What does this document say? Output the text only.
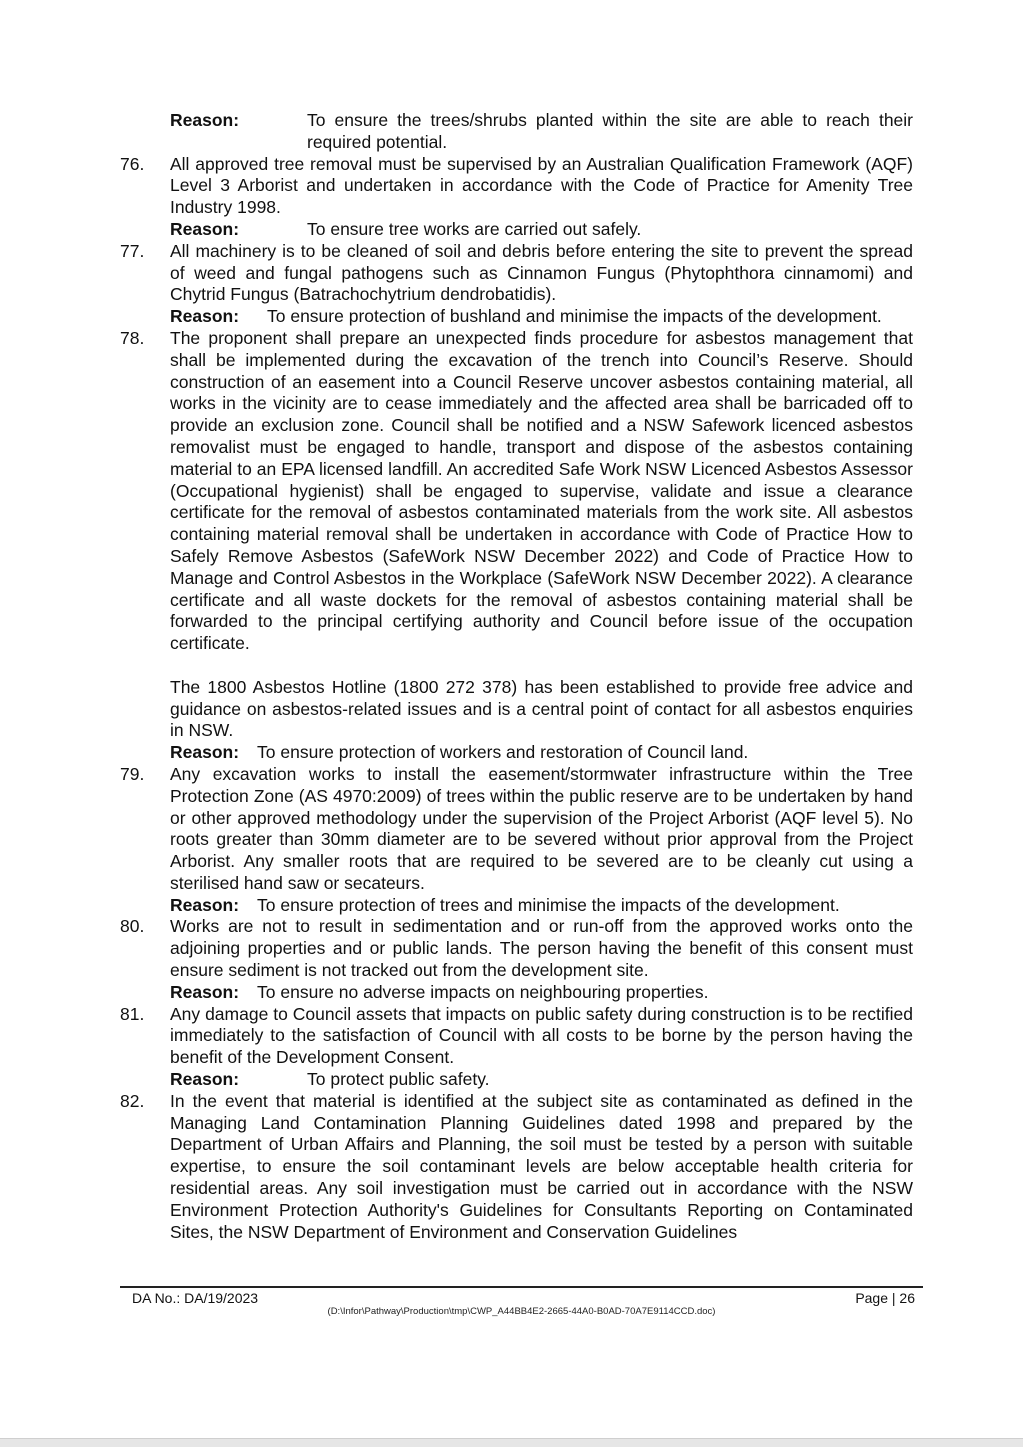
Reason:	To ensure the trees/shrubs planted within the site are able to reach their required potential.
76. All approved tree removal must be supervised by an Australian Qualification Framework (AQF) Level 3 Arborist and undertaken in accordance with the Code of Practice for Amenity Tree Industry 1998.
Reason:	To ensure tree works are carried out safely.
77. All machinery is to be cleaned of soil and debris before entering the site to prevent the spread of weed and fungal pathogens such as Cinnamon Fungus (Phytophthora cinnamomi) and Chytrid Fungus (Batrachochytrium dendrobatidis).
Reason: To ensure protection of bushland and minimise the impacts of the development.
78. The proponent shall prepare an unexpected finds procedure for asbestos management that shall be implemented during the excavation of the trench into Council’s Reserve. Should construction of an easement into a Council Reserve uncover asbestos containing material, all works in the vicinity are to cease immediately and the affected area shall be barricaded off to provide an exclusion zone. Council shall be notified and a NSW Safework licenced asbestos removalist must be engaged to handle, transport and dispose of the asbestos containing material to an EPA licensed landfill. An accredited Safe Work NSW Licenced Asbestos Assessor (Occupational hygienist) shall be engaged to supervise, validate and issue a clearance certificate for the removal of asbestos contaminated materials from the work site. All asbestos containing material removal shall be undertaken in accordance with Code of Practice How to Safely Remove Asbestos (SafeWork NSW December 2022) and Code of Practice How to Manage and Control Asbestos in the Workplace (SafeWork NSW December 2022). A clearance certificate and all waste dockets for the removal of asbestos containing material shall be forwarded to the principal certifying authority and Council before issue of the occupation certificate.
The 1800 Asbestos Hotline (1800 272 378) has been established to provide free advice and guidance on asbestos-related issues and is a central point of contact for all asbestos enquiries in NSW.
Reason: To ensure protection of workers and restoration of Council land.
79. Any excavation works to install the easement/stormwater infrastructure within the Tree Protection Zone (AS 4970:2009) of trees within the public reserve are to be undertaken by hand or other approved methodology under the supervision of the Project Arborist (AQF level 5). No roots greater than 30mm diameter are to be severed without prior approval from the Project Arborist. Any smaller roots that are required to be severed are to be cleanly cut using a sterilised hand saw or secateurs.
Reason: To ensure protection of trees and minimise the impacts of the development.
80. Works are not to result in sedimentation and or run-off from the approved works onto the adjoining properties and or public lands. The person having the benefit of this consent must ensure sediment is not tracked out from the development site.
Reason: To ensure no adverse impacts on neighbouring properties.
81. Any damage to Council assets that impacts on public safety during construction is to be rectified immediately to the satisfaction of Council with all costs to be borne by the person having the benefit of the Development Consent.
Reason:	To protect public safety.
82. In the event that material is identified at the subject site as contaminated as defined in the Managing Land Contamination Planning Guidelines dated 1998 and prepared by the Department of Urban Affairs and Planning, the soil must be tested by a person with suitable expertise, to ensure the soil contaminant levels are below acceptable health criteria for residential areas. Any soil investigation must be carried out in accordance with the NSW Environment Protection Authority's Guidelines for Consultants Reporting on Contaminated Sites, the NSW Department of Environment and Conservation Guidelines
DA No.: DA/19/2023	Page | 26
(D:\Infor\Pathway\Production\tmp\CWP_A44BB4E2-2665-44A0-B0AD-70A7E9114CCD.doc)
